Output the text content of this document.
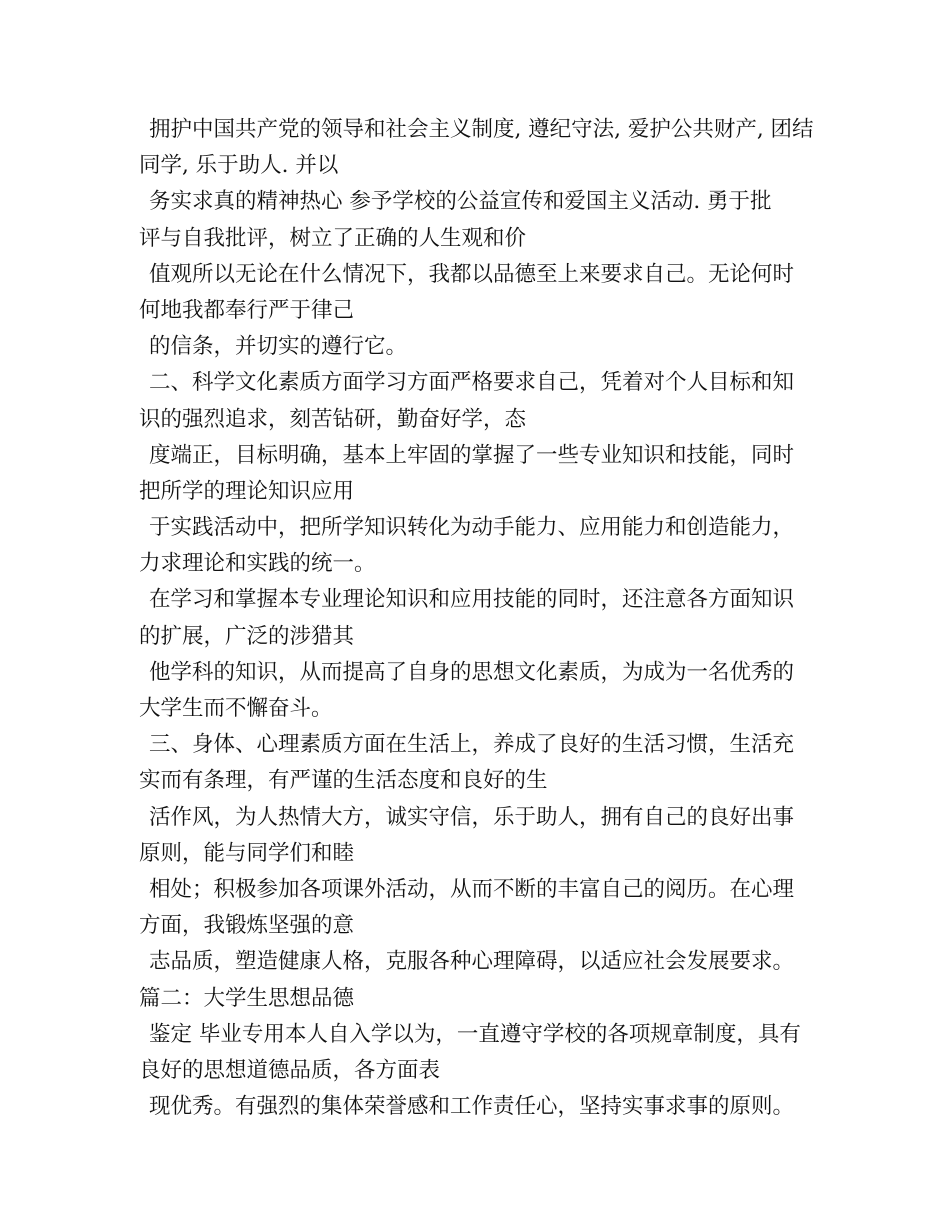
拥护中国共产党的领导和社会主义制度, 遵纪守法, 爱护公共财产, 团结
同学, 乐于助人. 并以
务实求真的精神热心 参予学校的公益宣传和爱国主义活动. 勇于批
评与自我批评，树立了正确的人生观和价
值观所以无论在什么情况下，我都以品德至上来要求自己。无论何时
何地我都奉行严于律己
的信条，并切实的遵行它。
二、科学文化素质方面学习方面严格要求自己，凭着对个人目标和知
识的强烈追求，刻苦钻研，勤奋好学，态
度端正，目标明确，基本上牢固的掌握了一些专业知识和技能，同时
把所学的理论知识应用
于实践活动中，把所学知识转化为动手能力、应用能力和创造能力，
力求理论和实践的统一。
在学习和掌握本专业理论知识和应用技能的同时，还注意各方面知识
的扩展，广泛的涉猎其
他学科的知识，从而提高了自身的思想文化素质，为成为一名优秀的
大学生而不懈奋斗。
三、身体、心理素质方面在生活上，养成了良好的生活习惯，生活充
实而有条理，有严谨的生活态度和良好的生
活作风，为人热情大方，诚实守信，乐于助人，拥有自己的良好出事
原则，能与同学们和睦
相处；积极参加各项课外活动，从而不断的丰富自己的阅历。在心理
方面，我锻炼坚强的意
志品质，塑造健康人格，克服各种心理障碍，以适应社会发展要求。
篇二：大学生思想品德
鉴定 毕业专用本人自入学以为，一直遵守学校的各项规章制度，具有
良好的思想道德品质，各方面表
现优秀。有强烈的集体荣誉感和工作责任心，坚持实事求事的原则。
